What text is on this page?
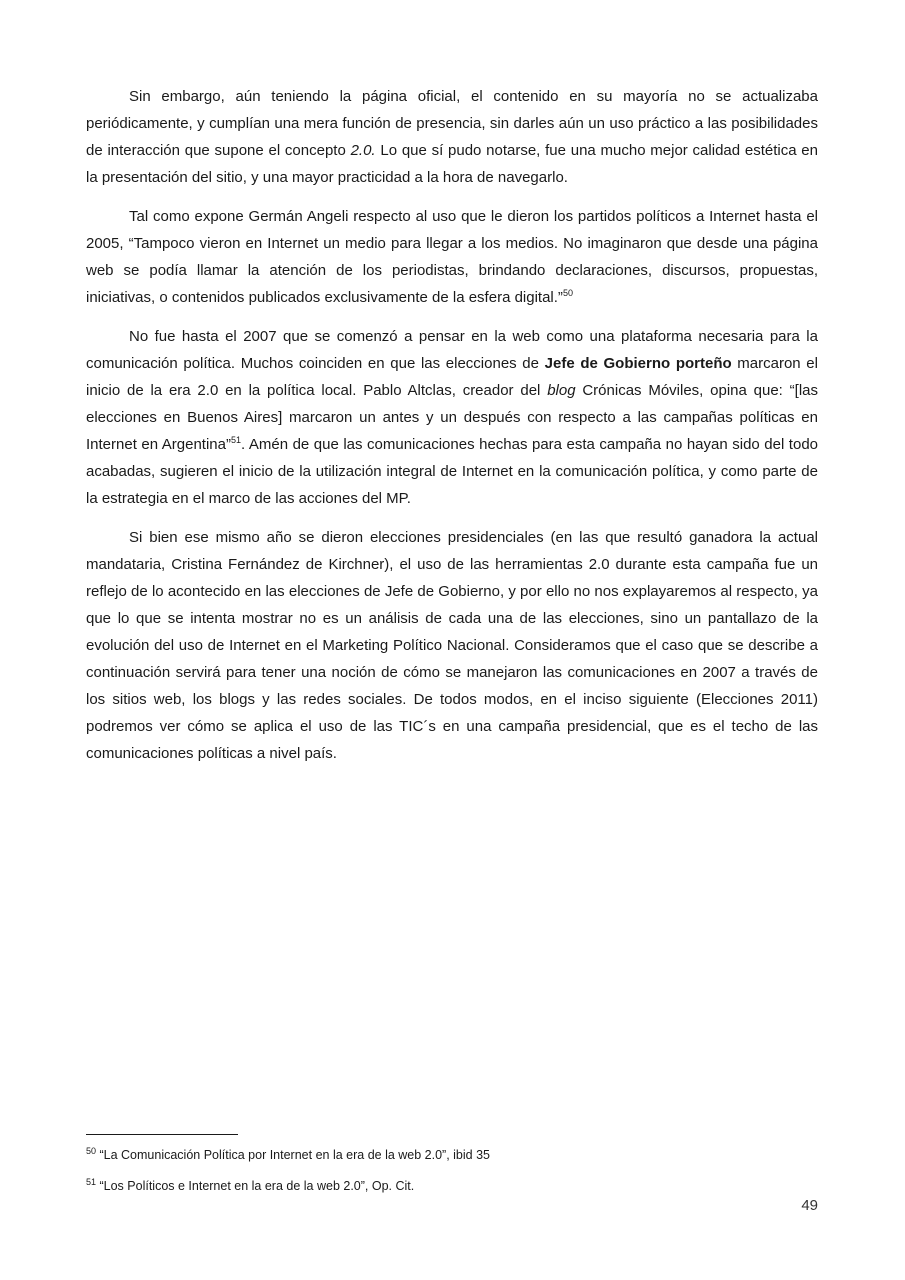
Sin embargo, aún teniendo la página oficial, el contenido en su mayoría no se actualizaba periódicamente, y cumplían una mera función de presencia, sin darles aún un uso práctico a las posibilidades de interacción que supone el concepto 2.0. Lo que sí pudo notarse, fue una mucho mejor calidad estética en la presentación del sitio, y una mayor practicidad a la hora de navegarlo.

Tal como expone Germán Angeli respecto al uso que le dieron los partidos políticos a Internet hasta el 2005, “Tampoco vieron en Internet un medio para llegar a los medios. No imaginaron que desde una página web se podía llamar la atención de los periodistas, brindando declaraciones, discursos, propuestas, iniciativas, o contenidos publicados exclusivamente de la esfera digital.”$^{50}$

No fue hasta el 2007 que se comenzó a pensar en la web como una plataforma necesaria para la comunicación política. Muchos coinciden en que las elecciones de Jefe de Gobierno porteño marcaron el inicio de la era 2.0 en la política local. Pablo Altclas, creador del blog Crónicas Móviles, opina que: “[las elecciones en Buenos Aires] marcaron un antes y un después con respecto a las campañas políticas en Internet en Argentina”$^{51}$. Amén de que las comunicaciones hechas para esta campaña no hayan sido del todo acabadas, sugieren el inicio de la utilización integral de Internet en la comunicación política, y como parte de la estrategia en el marco de las acciones del MP.

Si bien ese mismo año se dieron elecciones presidenciales (en las que resultó ganadora la actual mandataria, Cristina Fernández de Kirchner), el uso de las herramientas 2.0 durante esta campaña fue un reflejo de lo acontecido en las elecciones de Jefe de Gobierno, y por ello no nos explayaremos al respecto, ya que lo que se intenta mostrar no es un análisis de cada una de las elecciones, sino un pantallazo de la evolución del uso de Internet en el Marketing Político Nacional. Consideramos que el caso que se describe a continuación servirá para tener una noción de cómo se manejaron las comunicaciones en 2007 a través de los sitios web, los blogs y las redes sociales. De todos modos, en el inciso siguiente (Elecciones 2011) podremos ver cómo se aplica el uso de las TIC´s en una campaña presidencial, que es el techo de las comunicaciones políticas a nivel país.

$^{50}$ “La Comunicación Política por Internet en la era de la web 2.0”, ibid 35

$^{51}$ “Los Políticos e Internet en la era de la web 2.0”, Op. Cit.

49
